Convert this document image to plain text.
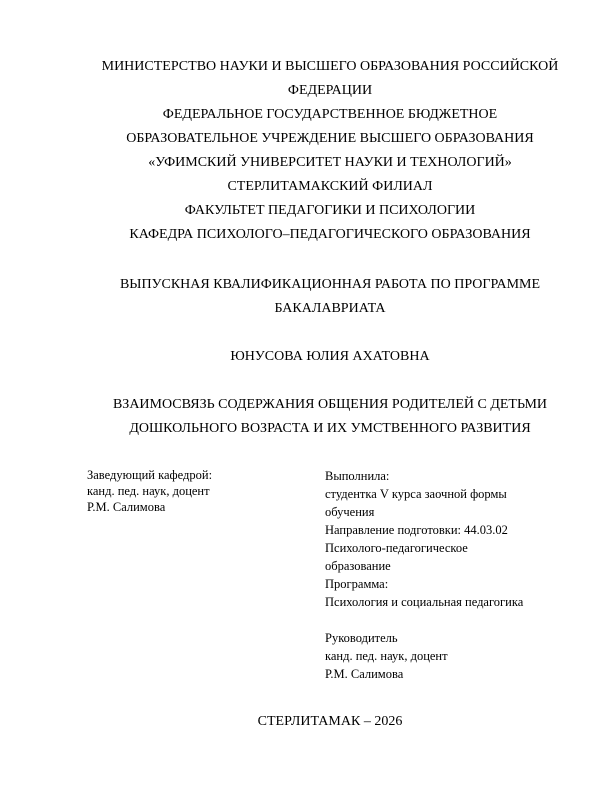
МИНИСТЕРСТВО НАУКИ И ВЫСШЕГО ОБРАЗОВАНИЯ РОССИЙСКОЙ
ФЕДЕРАЦИИ
ФЕДЕРАЛЬНОЕ ГОСУДАРСТВЕННОЕ БЮДЖЕТНОЕ
ОБРАЗОВАТЕЛЬНОЕ УЧРЕЖДЕНИЕ ВЫСШЕГО ОБРАЗОВАНИЯ
«УФИМСКИЙ УНИВЕРСИТЕТ НАУКИ И ТЕХНОЛОГИЙ»
СТЕРЛИТАМАКСКИЙ ФИЛИАЛ
ФАКУЛЬТЕТ ПЕДАГОГИКИ И ПСИХОЛОГИИ
КАФЕДРА ПСИХОЛОГО–ПЕДАГОГИЧЕСКОГО ОБРАЗОВАНИЯ
ВЫПУСКНАЯ КВАЛИФИКАЦИОННАЯ РАБОТА ПО ПРОГРАММЕ
БАКАЛАВРИАТА
ЮНУСОВА ЮЛИЯ АХАТОВНА
ВЗАИМОСВЯЗЬ СОДЕРЖАНИЯ ОБЩЕНИЯ РОДИТЕЛЕЙ С ДЕТЬМИ
ДОШКОЛЬНОГО ВОЗРАСТА И ИХ УМСТВЕННОГО РАЗВИТИЯ
Заведующий кафедрой:
канд. пед. наук, доцент
Р.М. Салимова
Выполнила:
студентка V курса заочной формы
обучения
Направление подготовки: 44.03.02
Психолого-педагогическое
образование
Программа:
Психология и социальная педагогика
Руководитель
канд. пед. наук, доцент
Р.М. Салимова
СТЕРЛИТАМАК – 2026
